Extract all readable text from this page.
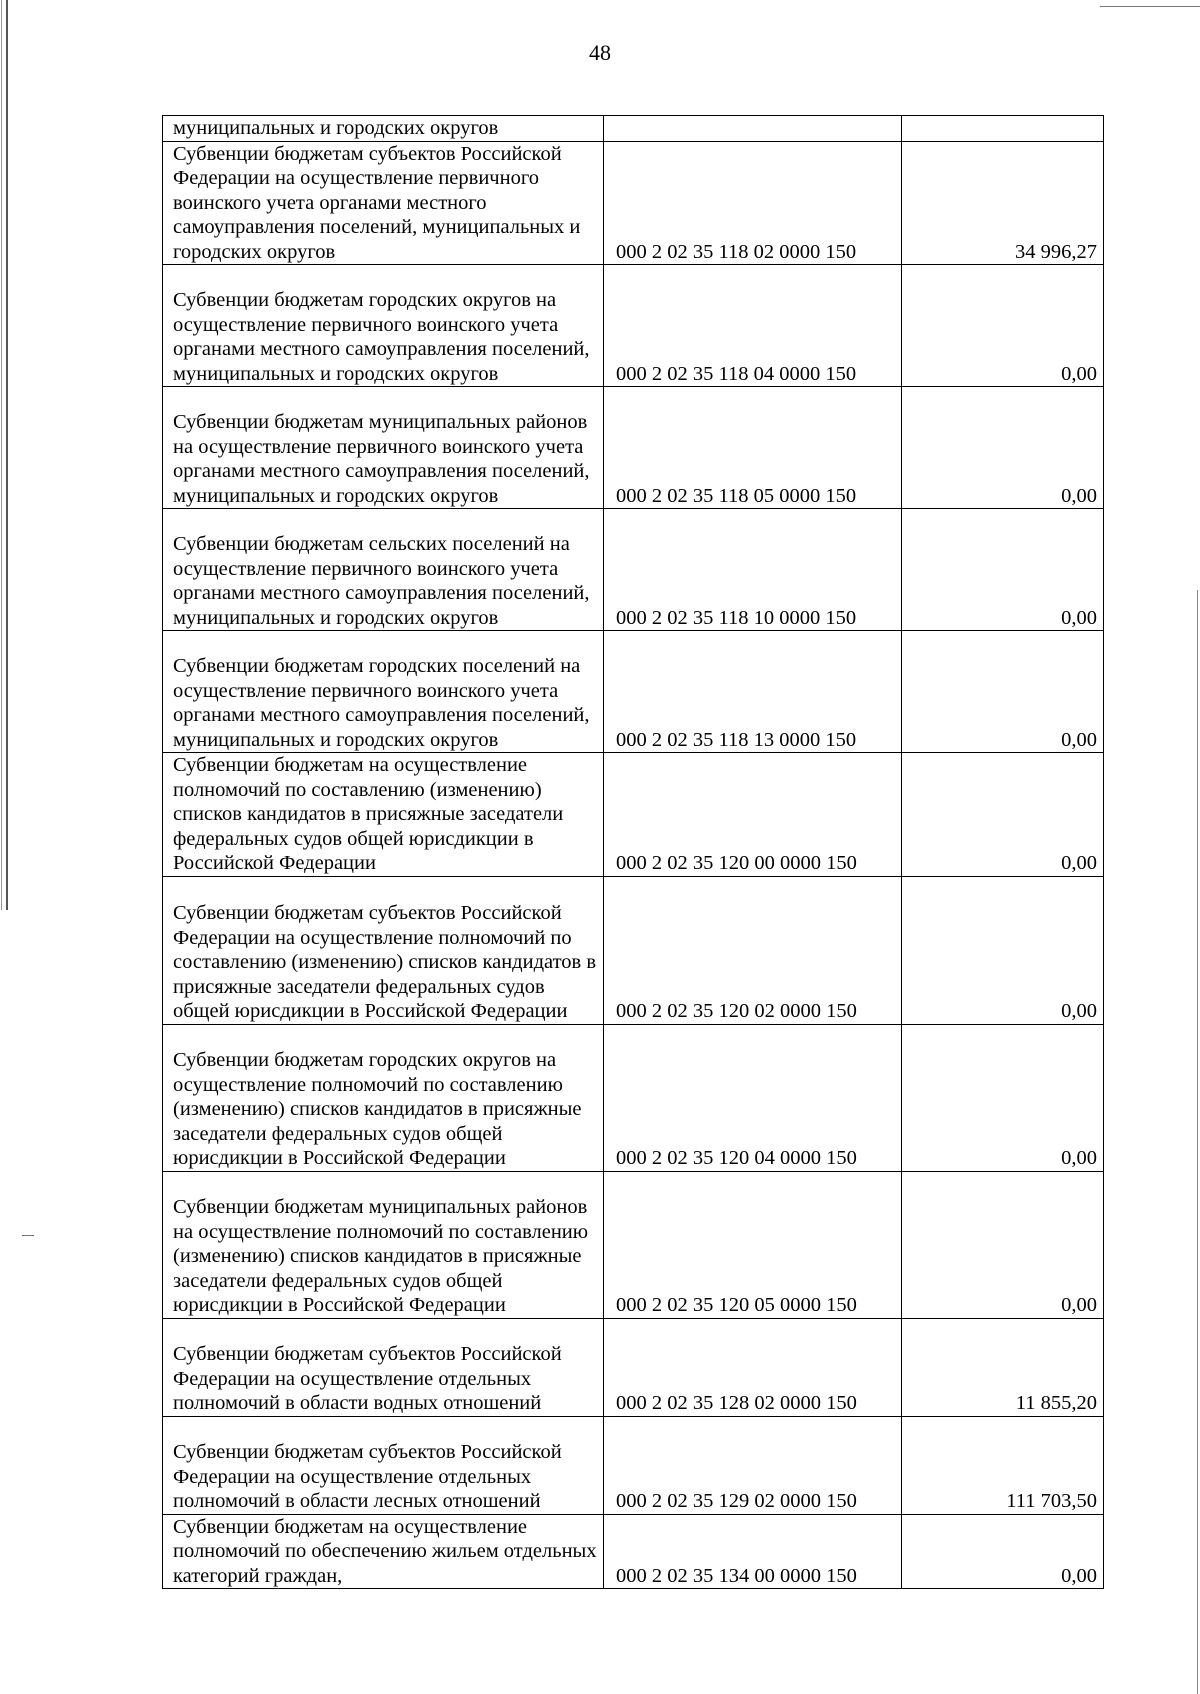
48
муниципальных и городских округов		

Субвенции бюджетам субъектов Российской Федерации на осуществление первичного воинского учета органами местного самоуправления поселений, муниципальных и городских округов	000 2 02 35 118 02 0000 150	34 996,27

Субвенции бюджетам городских округов на осуществление первичного воинского учета органами местного самоуправления поселений, муниципальных и городских округов	000 2 02 35 118 04 0000 150	0,00

Субвенции бюджетам муниципальных районов на осуществление первичного воинского учета органами местного самоуправления поселений, муниципальных и городских округов	000 2 02 35 118 05 0000 150	0,00

Субвенции бюджетам сельских поселений на осуществление первичного воинского учета органами местного самоуправления поселений, муниципальных и городских округов	000 2 02 35 118 10 0000 150	0,00

Субвенции бюджетам городских поселений на осуществление первичного воинского учета органами местного самоуправления поселений, муниципальных и городских округов	000 2 02 35 118 13 0000 150	0,00

Субвенции бюджетам на осуществление полномочий по составлению (изменению) списков кандидатов в присяжные заседатели федеральных судов общей юрисдикции в Российской Федерации	000 2 02 35 120 00 0000 150	0,00

Субвенции бюджетам субъектов Российской Федерации на осуществление полномочий по составлению (изменению) списков кандидатов в присяжные заседатели федеральных судов общей юрисдикции в Российской Федерации	000 2 02 35 120 02 0000 150	0,00

Субвенции бюджетам городских округов на осуществление полномочий по составлению (изменению) списков кандидатов в присяжные заседатели федеральных судов общей юрисдикции в Российской Федерации	000 2 02 35 120 04 0000 150	0,00

Субвенции бюджетам муниципальных районов на осуществление полномочий по составлению (изменению) списков кандидатов в присяжные заседатели федеральных судов общей юрисдикции в Российской Федерации	000 2 02 35 120 05 0000 150	0,00

Субвенции бюджетам субъектов Российской Федерации на осуществление отдельных полномочий в области водных отношений	000 2 02 35 128 02 0000 150	11 855,20

Субвенции бюджетам субъектов Российской Федерации на осуществление отдельных полномочий в области лесных отношений	000 2 02 35 129 02 0000 150	111 703,50

Субвенции бюджетам на осуществление полномочий по обеспечению жильем отдельных категорий граждан,	000 2 02 35 134 00 0000 150	0,00
